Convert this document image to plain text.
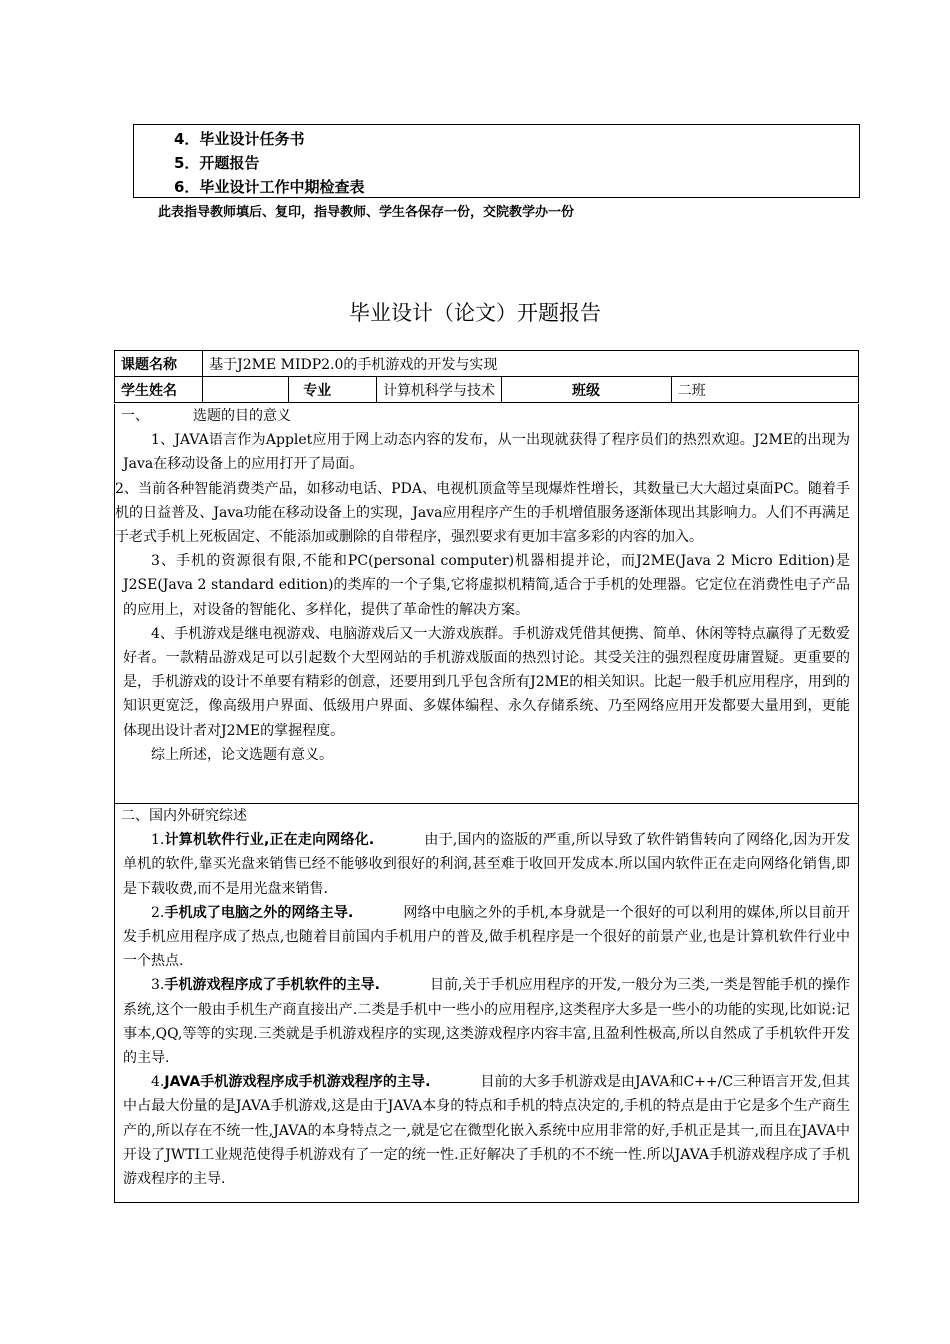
4．毕业设计任务书
5．开题报告
6．毕业设计工作中期检查表
此表指导教师填后、复印，指导教师、学生各保存一份，交院教学办一份
毕业设计（论文）开题报告
课题名称	基于J2ME MIDP2.0的手机游戏的开发与实现				
学生姓名		专业	计算机科学与技术	班级	二班

一、	选题的目的意义

1、JAVA语言作为Applet应用于网上动态内容的发布，从一出现就获得了程序员们的热烈欢迎。J2ME的出现为Java在移动设备上的应用打开了局面。

2、当前各种智能消费类产品，如移动电话、PDA、电视机顶盒等呈现爆炸性增长，其数量已大大超过桌面PC。随着手机的日益普及、Java功能在移动设备上的实现，Java应用程序产生的手机增值服务逐渐体现出其影响力。人们不再满足于老式手机上死板固定、不能添加或删除的自带程序，强烈要求有更加丰富多彩的内容的加入。

3、手机的资源很有限,不能和PC(personal computer)机器相提并论，而J2ME(Java 2 Micro Edition)是J2SE(Java 2 standard edition)的类库的一个子集,它将虚拟机精简,适合于手机的处理器。它定位在消费性电子产品的应用上，对设备的智能化、多样化，提供了革命性的解决方案。

4、手机游戏是继电视游戏、电脑游戏后又一大游戏族群。手机游戏凭借其便携、简单、休闲等特点赢得了无数爱好者。一款精品游戏足可以引起数个大型网站的手机游戏版面的热烈讨论。其受关注的强烈程度毋庸置疑。更重要的是，手机游戏的设计不单要有精彩的创意，还要用到几乎包含所有J2ME的相关知识。比起一般手机应用程序，用到的知识更宽泛，像高级用户界面、低级用户界面、多媒体编程、永久存储系统、乃至网络应用开发都要大量用到，更能体现出设计者对J2ME的掌握程度。

综上所述，论文选题有意义。

二、国内外研究综述

1.计算机软件行业,正在走向网络化.	由于,国内的盗版的严重,所以导致了软件销售转向了网络化,因为开发单机的软件,靠买光盘来销售已经不能够收到很好的利润,甚至难于收回开发成本.所以国内软件正在走向网络化销售,即是下载收费,而不是用光盘来销售.

2.手机成了电脑之外的网络主导.	网络中电脑之外的手机,本身就是一个很好的可以利用的媒体,所以目前开发手机应用程序成了热点,也随着目前国内手机用户的普及,做手机程序是一个很好的前景产业,也是计算机软件行业中一个热点.

3.手机游戏程序成了手机软件的主导.	目前,关于手机应用程序的开发,一般分为三类,一类是智能手机的操作系统,这个一般由手机生产商直接出产.二类是手机中一些小的应用程序,这类程序大多是一些小的功能的实现,比如说:记事本,QQ,等等的实现.三类就是手机游戏程序的实现,这类游戏程序内容丰富,且盈利性极高,所以自然成了手机软件开发的主导.

4.JAVA手机游戏程序成手机游戏程序的主导.	目前的大多手机游戏是由JAVA和C++/C三种语言开发,但其中占最大份量的是JAVA手机游戏,这是由于JAVA本身的特点和手机的特点决定的,手机的特点是由于它是多个生产商生产的,所以存在不统一性,JAVA的本身特点之一,就是它在微型化嵌入系统中应用非常的好,手机正是其一,而且在JAVA中开设了JWTI工业规范使得手机游戏有了一定的统一性.正好解决了手机的不不统一性.所以JAVA手机游戏程序成了手机游戏程序的主导.
